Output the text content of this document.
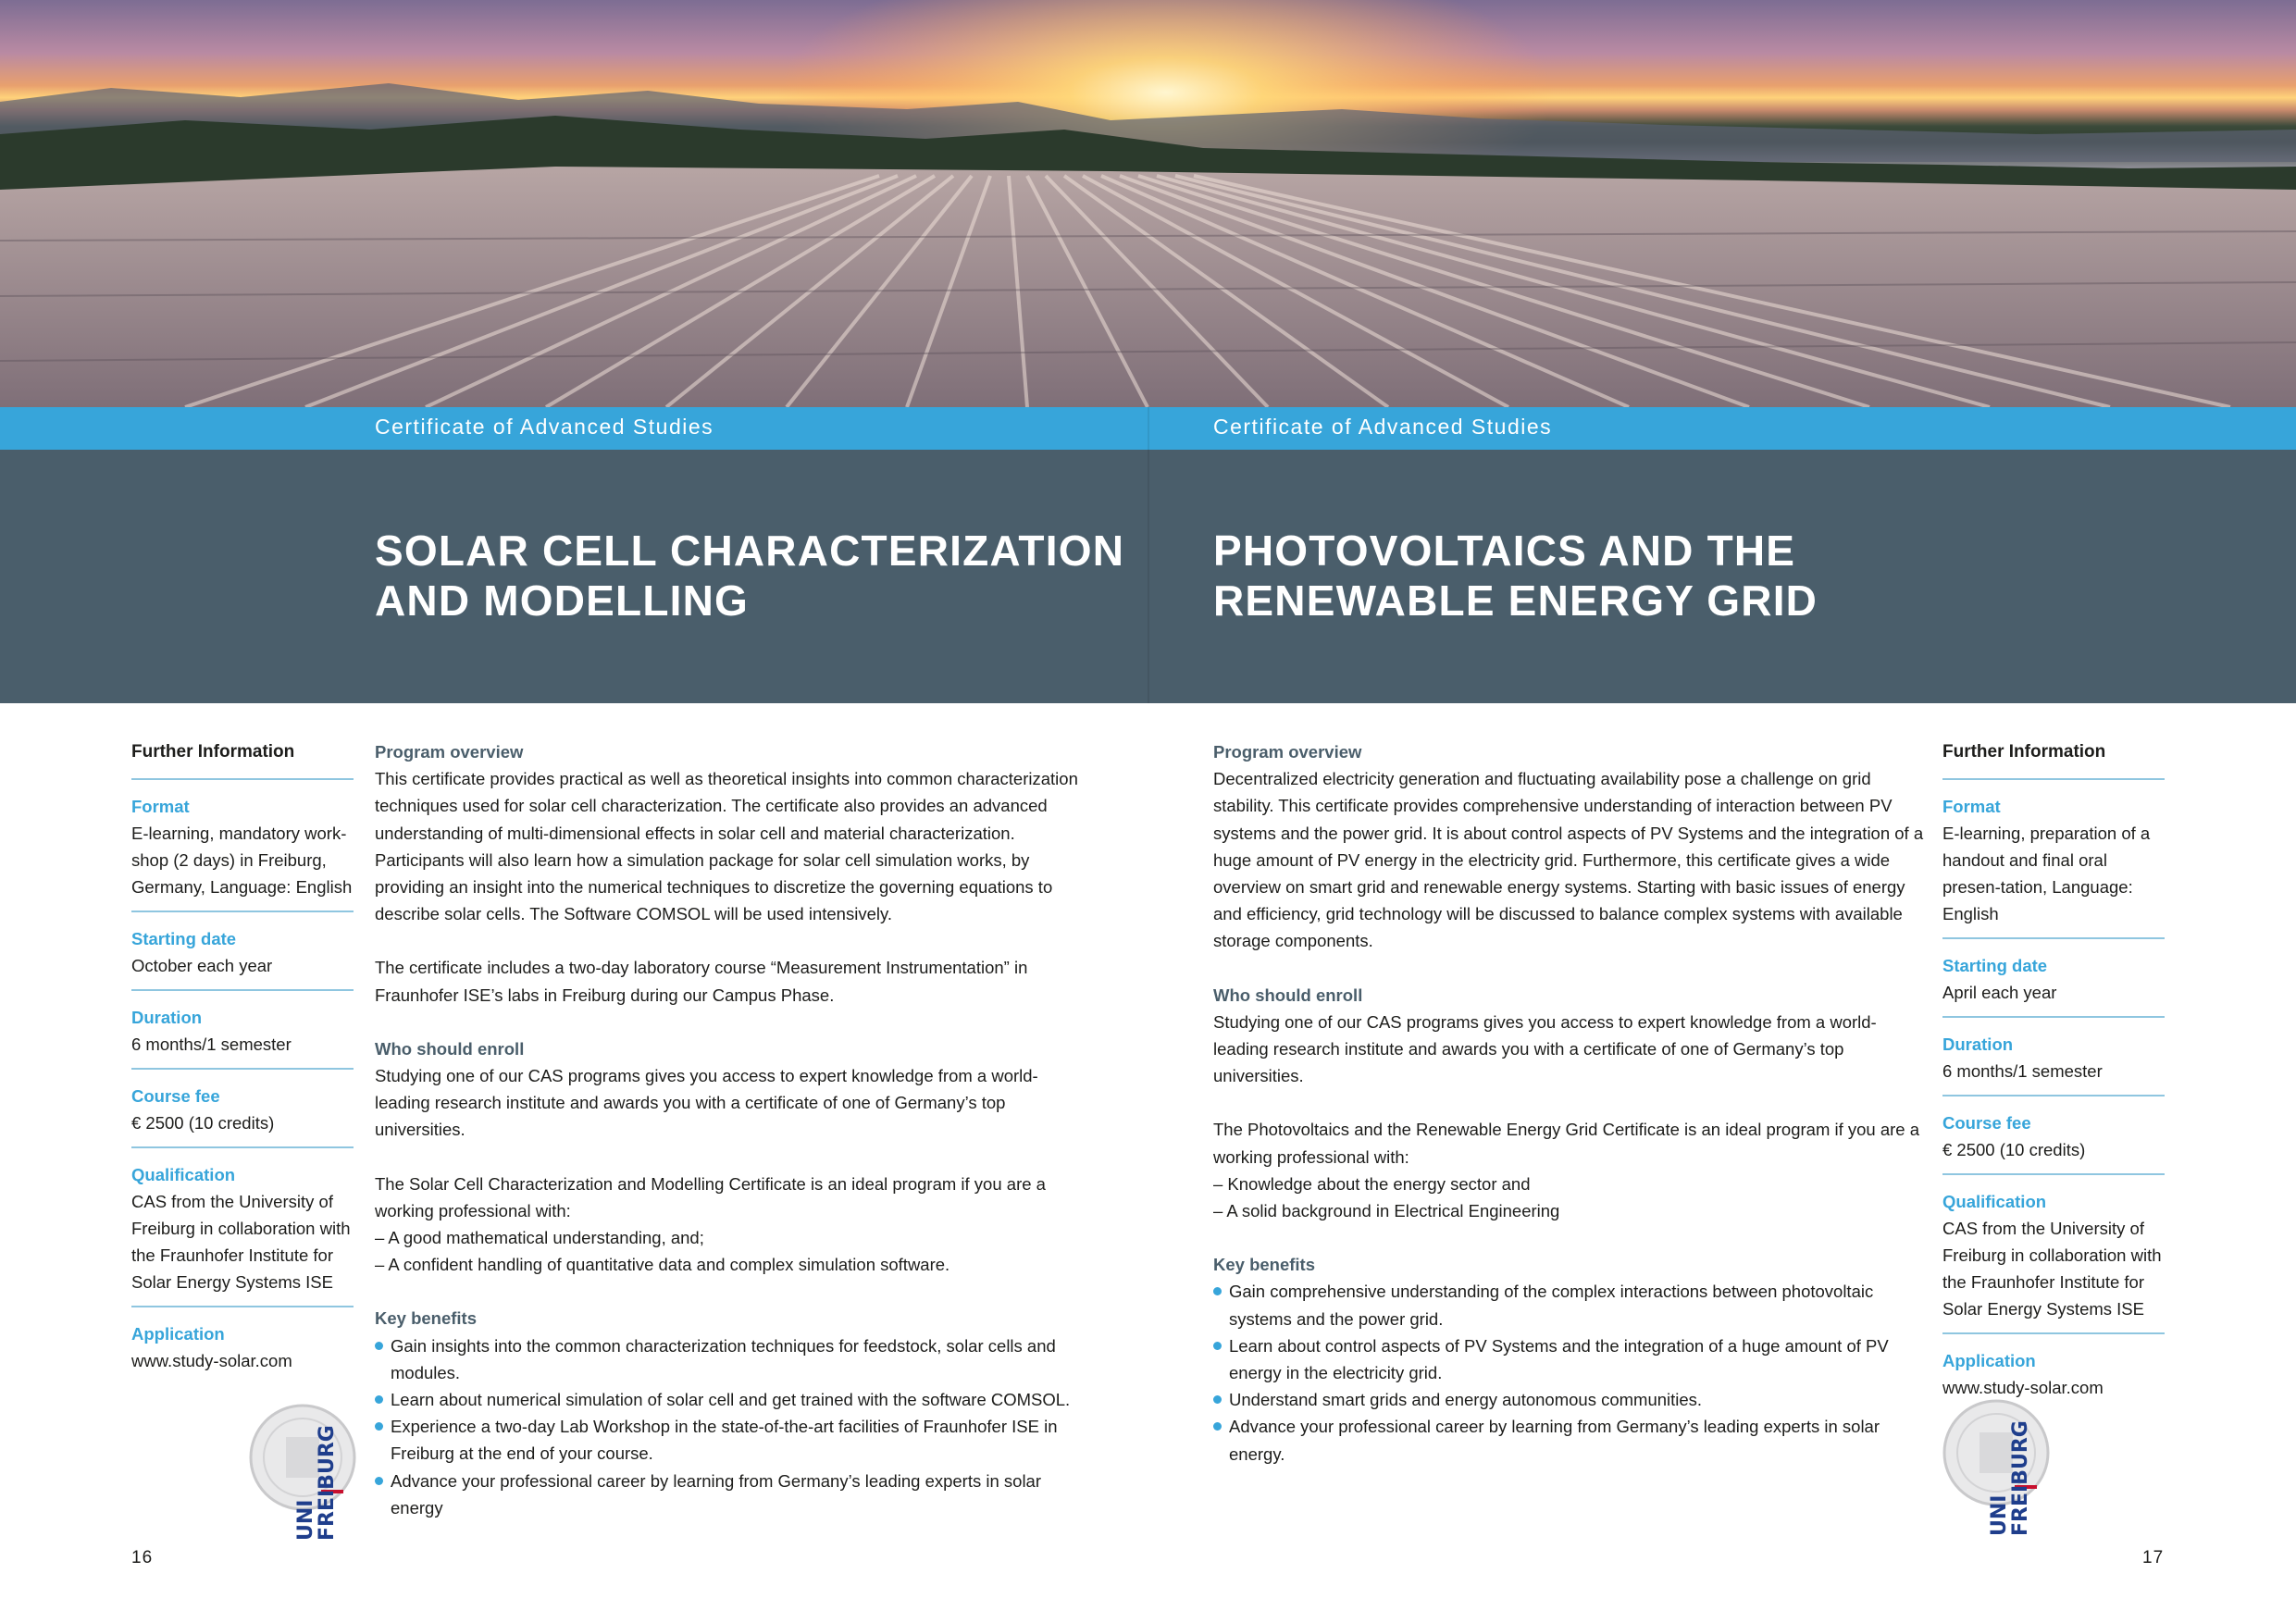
Certificate of Advanced Studies	Certificate of Advanced Studies
SOLAR CELL CHARACTERIZATION
AND MODELLING
PHOTOVOLTAICS AND THE
RENEWABLE ENERGY GRID
Further Information
Format
E-learning, mandatory work-shop (2 days) in Freiburg, Germany, Language: English
Starting date
October each year
Duration
6 months/1 semester
Course fee
€ 2500 (10 credits)
Qualification
CAS from the University of Freiburg in collaboration with the Fraunhofer Institute for Solar Energy Systems ISE
Application
www.study-solar.com
Program overview

This certificate provides practical as well as theoretical insights into common characterization techniques used for solar cell characterization. The certificate also provides an advanced understanding of multi-dimensional effects in solar cell and material characterization. Participants will also learn how a simulation package for solar cell simulation works, by providing an insight into the numerical techniques to discretize the governing equations to describe solar cells. The Software COMSOL will be used intensively.

The certificate includes a two-day laboratory course “Measurement Instrumentation” in Fraunhofer ISE’s labs in Freiburg during our Campus Phase.

Who should enroll

Studying one of our CAS programs gives you access to expert knowledge from a world-leading research institute and awards you with a certificate of one of Germany’s top universities.

The Solar Cell Characterization and Modelling Certificate is an ideal program if you are a working professional with:
– A good mathematical understanding, and;
– A confident handling of quantitative data and complex simulation software.
Key benefits
Gain insights into the common characterization techniques for feedstock, solar cells and modules.
Learn about numerical simulation of solar cell and get trained with the software COMSOL.
Experience a two-day Lab Workshop in the state-of-the-art facilities of Fraunhofer ISE in Freiburg at the end of your course.
Advance your professional career by learning from Germany’s leading experts in solar energy
Program overview

Decentralized electricity generation and fluctuating availability pose a challenge on grid stability. This certificate provides comprehensive understanding of interaction between PV systems and the power grid. It is about control aspects of PV Systems and the integration of a huge amount of PV energy in the electricity grid. Furthermore, this certificate gives a wide overview on smart grid and renewable energy systems. Starting with basic issues of energy and efficiency, grid technology will be discussed to balance complex systems with available storage components.

Who should enroll

Studying one of our CAS programs gives you access to expert knowledge from a world-leading research institute and awards you with a certificate of one of Germany’s top universities.

The Photovoltaics and the Renewable Energy Grid Certificate is an ideal program if you are a working professional with:
– Knowledge about the energy sector and
– A solid background in Electrical Engineering
Key benefits
Gain comprehensive understanding of the complex interactions between photovoltaic systems and the power grid.
Learn about control aspects of PV Systems and the integration of a huge amount of PV energy in the electricity grid.
Understand smart grids and energy autonomous communities.
Advance your professional career by learning from Germany’s leading experts in solar energy.
Further Information
Format
E-learning, preparation of a handout and final oral presen-tation, Language: English
Starting date
April each year
Duration
6 months/1 semester
Course fee
€ 2500 (10 credits)
Qualification
CAS from the University of Freiburg in collaboration with the Fraunhofer Institute for Solar Energy Systems ISE
Application
www.study-solar.com
FREIBURG
UNI	FREIBURG
UNI
16	17
